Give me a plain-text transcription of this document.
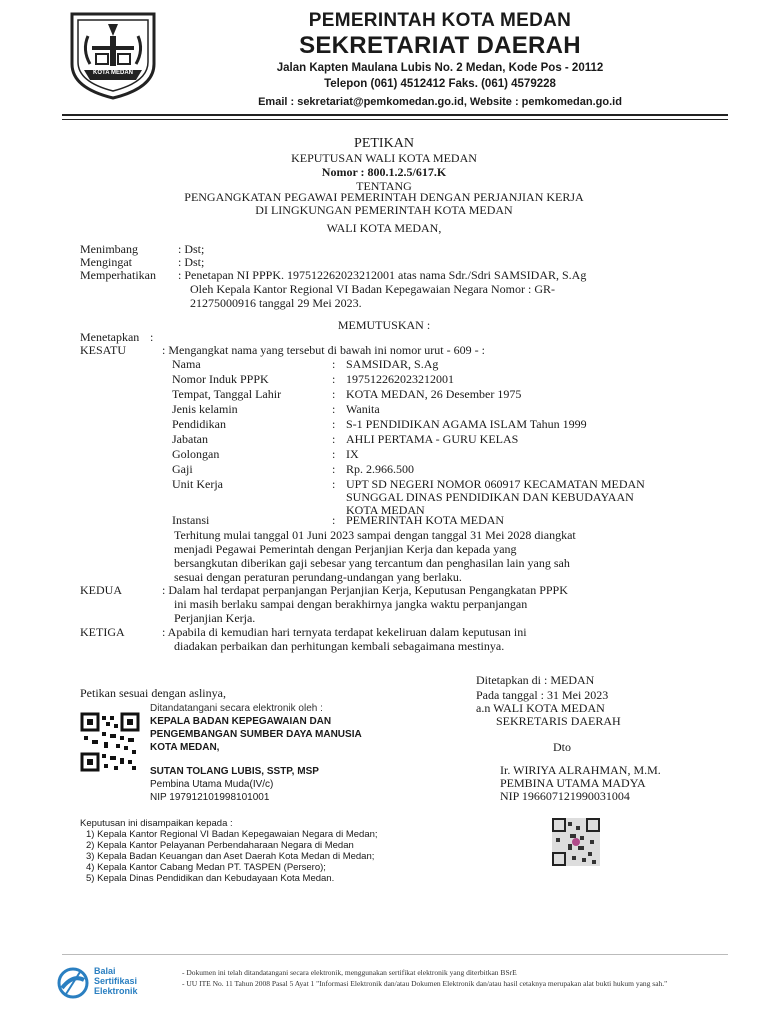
KOTA MEDAN
PEMERINTAH KOTA MEDAN
SEKRETARIAT DAERAH
Jalan Kapten Maulana Lubis No. 2 Medan, Kode Pos - 20112
Telepon (061) 4512412 Faks. (061) 4579228
Email : sekretariat@pemkomedan.go.id, Website : pemkomedan.go.id
PETIKAN
KEPUTUSAN WALI KOTA MEDAN
Nomor : 800.1.2.5/617.K
TENTANG
PENGANGKATAN PEGAWAI PEMERINTAH DENGAN PERJANJIAN KERJA
DI LINGKUNGAN PEMERINTAH KOTA MEDAN
WALI KOTA MEDAN,
Menimbang	: Dst;
Mengingat	: Dst;
Memperhatikan : Penetapan NI PPPK. 197512262023212001 atas nama Sdr./Sdri SAMSIDAR, S.Ag
Oleh Kepala Kantor Regional VI Badan Kepegawaian Negara Nomor : GR-
21275000916 tanggal 29 Mei 2023.
MEMUTUSKAN :
Menetapkan :
KESATU	: Mengangkat nama yang tersebut di bawah ini nomor urut - 609 - :
Nama	: SAMSIDAR, S.Ag
Nomor Induk PPPK	: 197512262023212001
Tempat, Tanggal Lahir	: KOTA MEDAN, 26 Desember 1975
Jenis kelamin	: Wanita
Pendidikan	: S-1 PENDIDIKAN AGAMA ISLAM Tahun 1999
Jabatan	: AHLI PERTAMA - GURU KELAS
Golongan	: IX
Gaji	: Rp. 2.966.500
Unit Kerja	: UPT SD NEGERI NOMOR 060917 KECAMATAN MEDAN
SUNGGAL DINAS PENDIDIKAN DAN KEBUDAYAAN
KOTA MEDAN
Instansi	: PEMERINTAH KOTA MEDAN
Terhitung mulai tanggal 01 Juni 2023 sampai dengan tanggal 31 Mei 2028 diangkat
menjadi Pegawai Pemerintah dengan Perjanjian Kerja dan kepada yang
bersangkutan diberikan gaji sebesar yang tercantum dan penghasilan lain yang sah
sesuai dengan peraturan perundang-undangan yang berlaku.
KEDUA	: Dalam hal terdapat perpanjangan Perjanjian Kerja, Keputusan Pengangkatan PPPK
ini masih berlaku sampai dengan berakhirnya jangka waktu perpanjangan
Perjanjian Kerja.
KETIGA	: Apabila di kemudian hari ternyata terdapat kekeliruan dalam keputusan ini
diadakan perbaikan dan perhitungan kembali sebagaimana mestinya.
Ditetapkan di : MEDAN
Pada tanggal : 31 Mei 2023
a.n WALI KOTA MEDAN
SEKRETARIS DAERAH
Dto
Ir. WIRIYA ALRAHMAN, M.M.
PEMBINA UTAMA MADYA
NIP 196607121990031004
Petikan sesuai dengan aslinya,
Ditandatangani secara elektronik oleh :
KEPALA BADAN KEPEGAWAIAN DAN
PENGEMBANGAN SUMBER DAYA MANUSIA
KOTA MEDAN,
SUTAN TOLANG LUBIS, SSTP, MSP
Pembina Utama Muda(IV/c)
NIP 197912101998101001
Keputusan ini disampaikan kepada :
1) Kepala Kantor Regional VI Badan Kepegawaian Negara di Medan;
2) Kepala Kantor Pelayanan Perbendaharaan Negara di Medan
3) Kepala Badan Keuangan dan Aset Daerah Kota Medan di Medan;
4) Kepala Kantor Cabang Medan PT. TASPEN (Persero);
5) Kepala Dinas Pendidikan dan Kebudayaan Kota Medan.
Balai
Sertifikasi
Elektronik
- Dokumen ini telah ditandatangani secara elektronik, menggunakan sertifikat elektronik yang diterbitkan BSrE
- UU ITE No. 11 Tahun 2008 Pasal 5 Ayat 1 "Informasi Elektronik dan/atau Dokumen Elektronik dan/atau hasil cetaknya merupakan alat bukti hukum yang sah."
